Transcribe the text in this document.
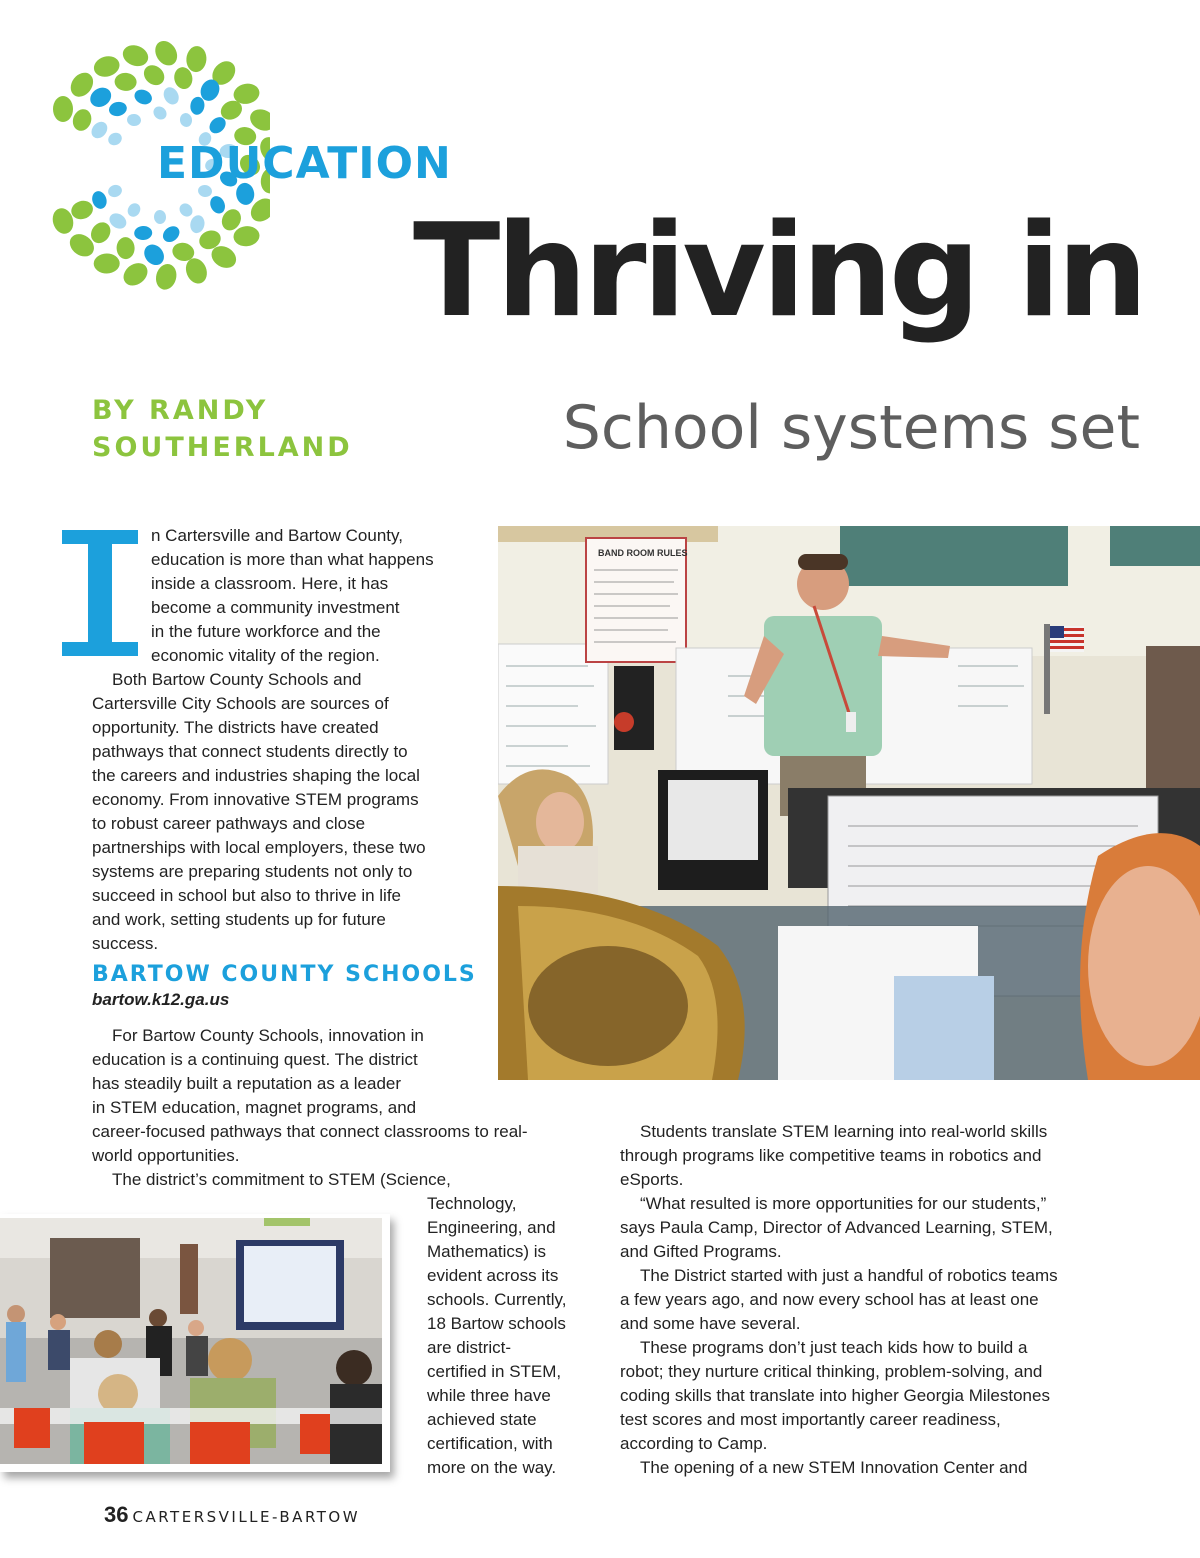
EDUCATION
Thriving in
BY RANDY
SOUTHERLAND	School systems set
n Cartersville and Bartow County,
education is more than what happens
inside a classroom. Here, it has
become a community investment
in the future workforce and the
economic vitality of the region.
Both Bartow County Schools and
Cartersville City Schools are sources of
opportunity. The districts have created
pathways that connect students directly to
the careers and industries shaping the local
economy. From innovative STEM programs
to robust career pathways and close
partnerships with local employers, these two
systems are preparing students not only to
succeed in school but also to thrive in life
and work, setting students up for future
success.
BARTOW COUNTY SCHOOLS
bartow.k12.ga.us
For Bartow County Schools, innovation in
education is a continuing quest. The district
has steadily built a reputation as a leader
in STEM education, magnet programs, and
career-focused pathways that connect classrooms to real-
world opportunities.
The district’s commitment to STEM (Science,
Technology,
Engineering, and
Mathematics) is
evident across its
schools. Currently,
18 Bartow schools
are district-
certified in STEM,
while three have
achieved state
certification, with
more on the way.
Students translate STEM learning into real-world skills
through programs like competitive teams in robotics and
eSports.
“What resulted is more opportunities for our students,”
says Paula Camp, Director of Advanced Learning, STEM,
and Gifted Programs.
The District started with just a handful of robotics teams
a few years ago, and now every school has at least one
and some have several.
These programs don’t just teach kids how to build a
robot; they nurture critical thinking, problem-solving, and
coding skills that translate into higher Georgia Milestones
test scores and most importantly career readiness,
according to Camp.
The opening of a new STEM Innovation Center and
BAND ROOM RULES
36 CARTERSVILLE-BARTOW
